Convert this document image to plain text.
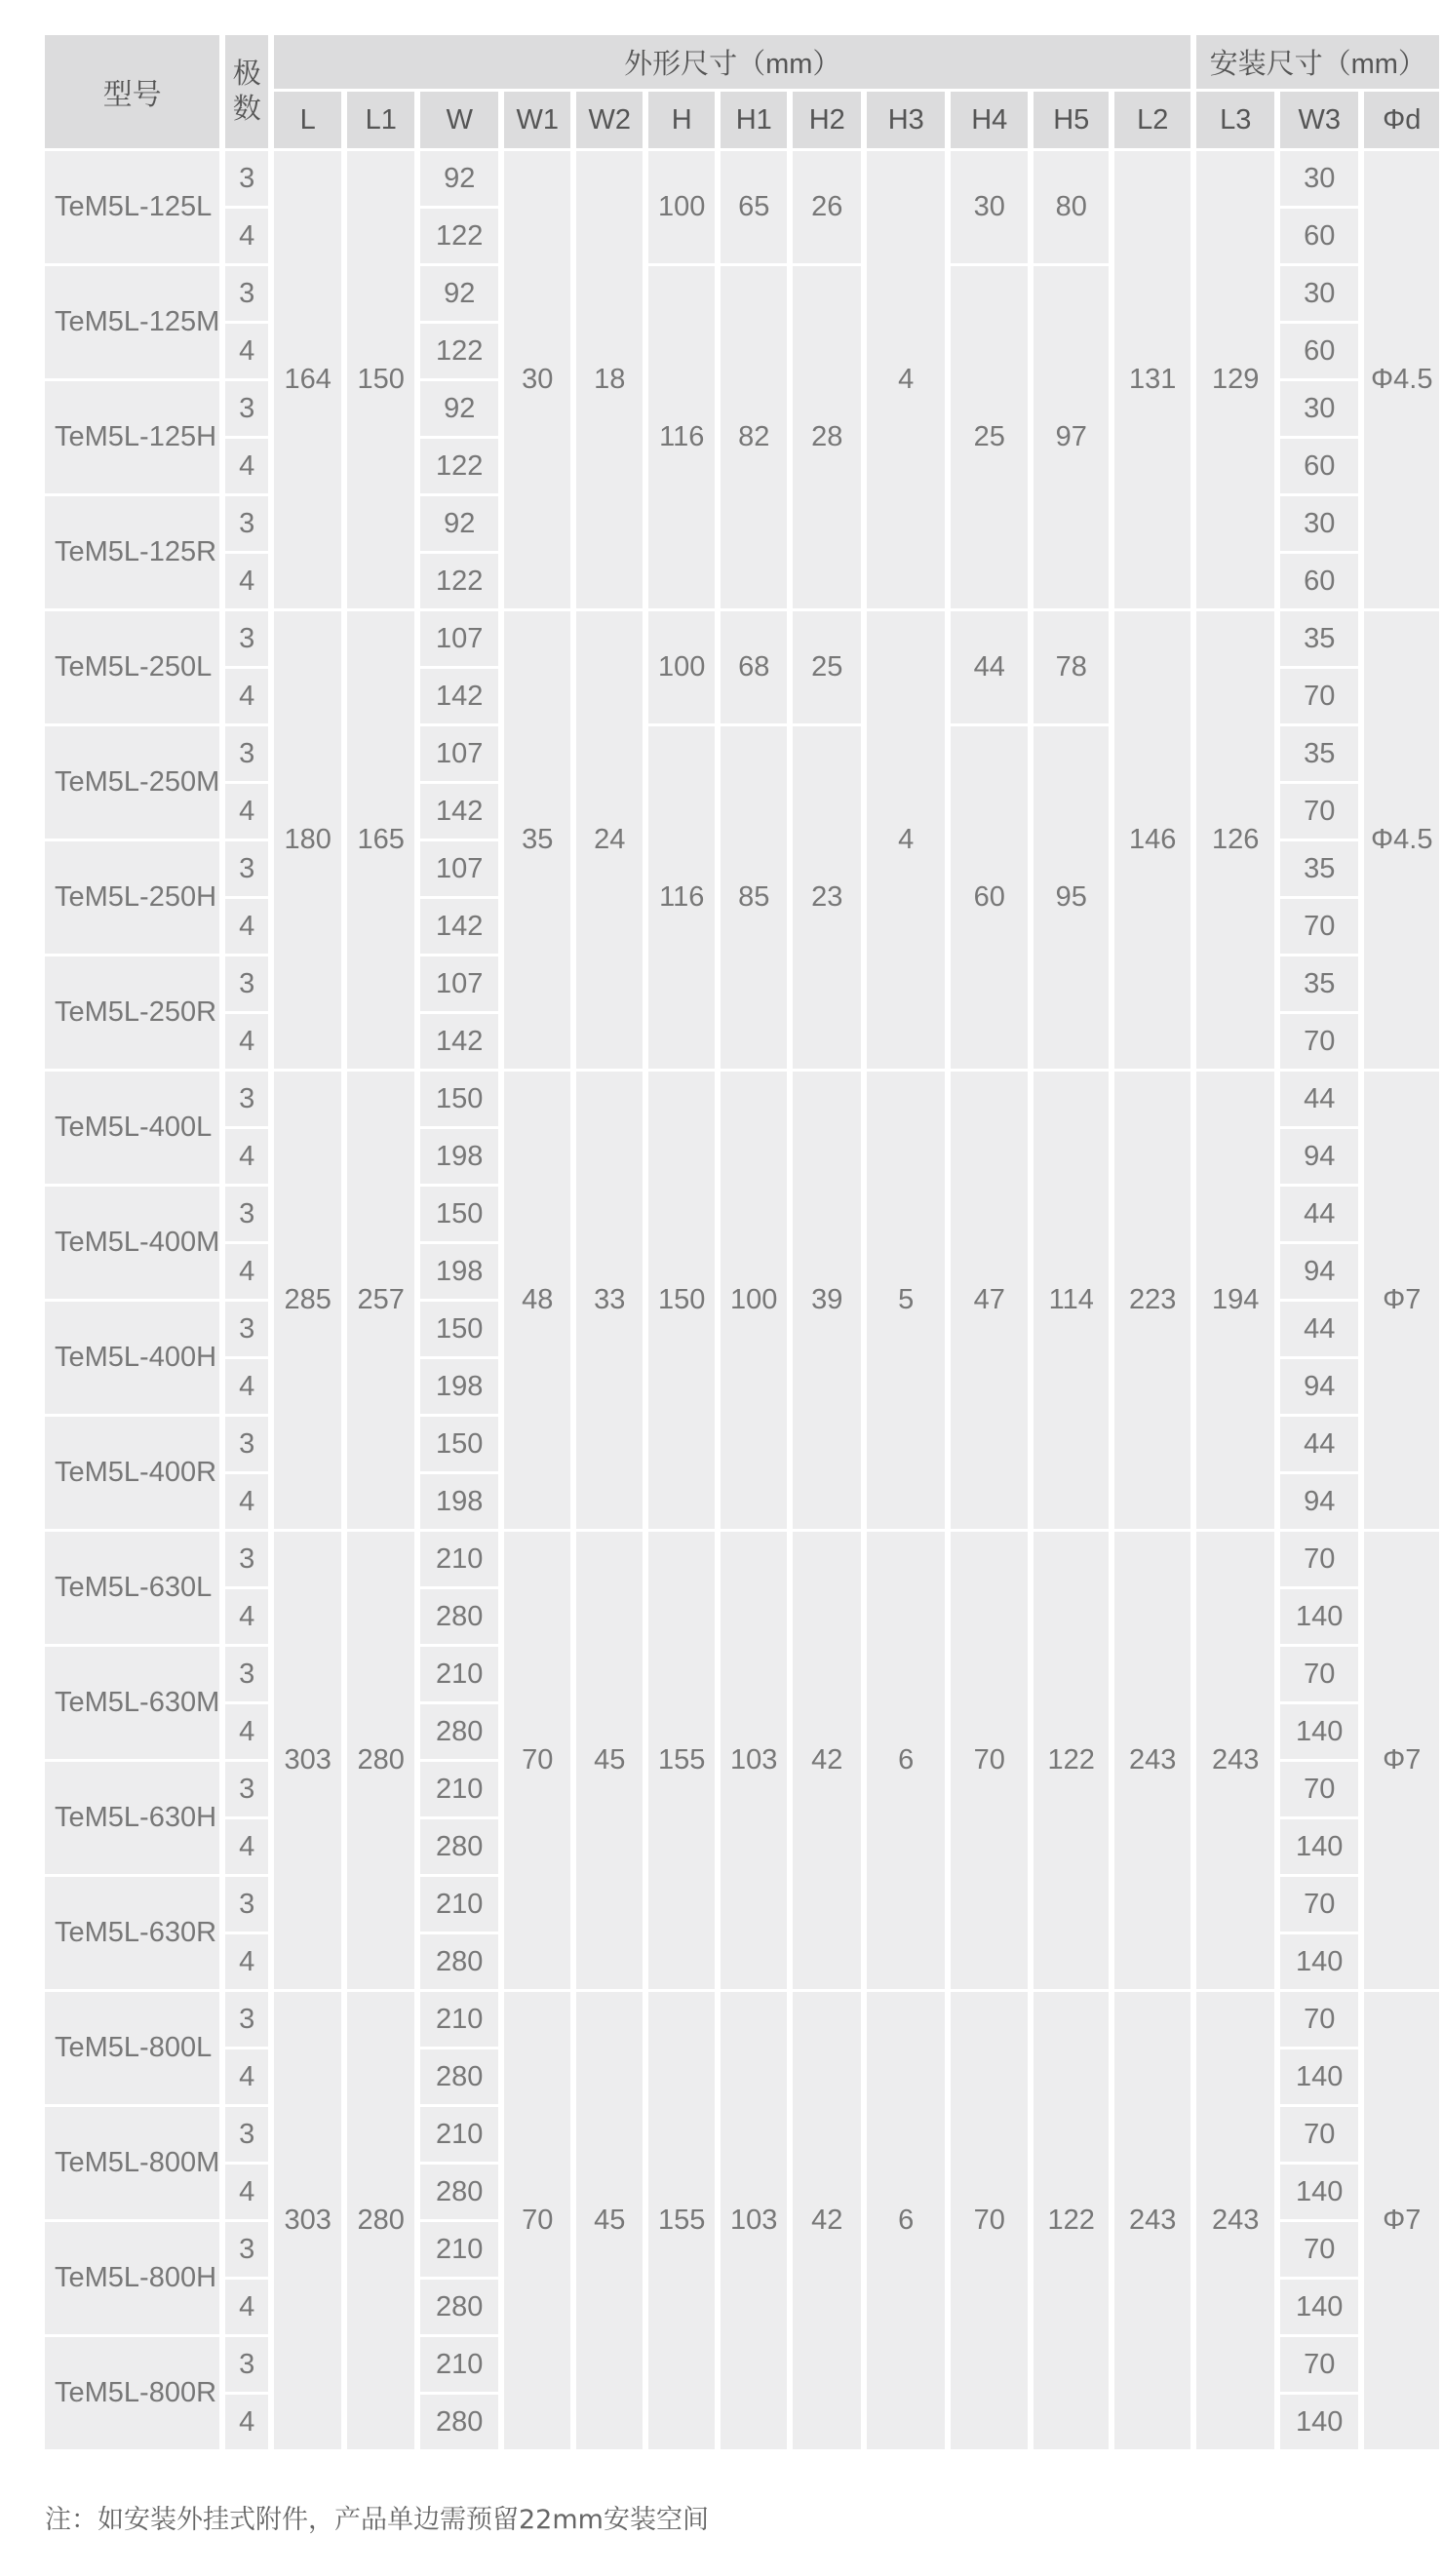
型号	极
数	外形尺寸（mm）												安装尺寸（mm）		
		L	L1	W	W1	W2	H	H1	H2	H3	H4	H5	L2	L3	W3	Φd
TeM5L-125L	3	164	150	92	30	18	100	65	26	4	30	80	131	129	30	Φ4.5
	4			122											60	
TeM5L-125M	3			92			116	82	28		25	97			30	
	4			122											60	
TeM5L-125H	3			92											30	
	4			122											60	
TeM5L-125R	3			92											30	
	4			122											60	
TeM5L-250L	3	180	165	107	35	24	100	68	25	4	44	78	146	126	35	Φ4.5
	4			142											70	
TeM5L-250M	3			107			116	85	23		60	95			35	
	4			142											70	
TeM5L-250H	3			107											35	
	4			142											70	
TeM5L-250R	3			107											35	
	4			142											70	
TeM5L-400L	3	285	257	150	48	33	150	100	39	5	47	114	223	194	44	Φ7
	4			198											94	
TeM5L-400M	3			150											44	
	4			198											94	
TeM5L-400H	3			150											44	
	4			198											94	
TeM5L-400R	3			150											44	
	4			198											94	
TeM5L-630L	3	303	280	210	70	45	155	103	42	6	70	122	243	243	70	Φ7
	4			280											140	
TeM5L-630M	3			210											70	
	4			280											140	
TeM5L-630H	3			210											70	
	4			280											140	
TeM5L-630R	3			210											70	
	4			280											140	
TeM5L-800L	3	303	280	210	70	45	155	103	42	6	70	122	243	243	70	Φ7
	4			280											140	
TeM5L-800M	3			210											70	
	4			280											140	
TeM5L-800H	3			210											70	
	4			280											140	
TeM5L-800R	3			210											70	
	4			280											140	
注：如安装外挂式附件，产品单边需预留22mm安装空间
